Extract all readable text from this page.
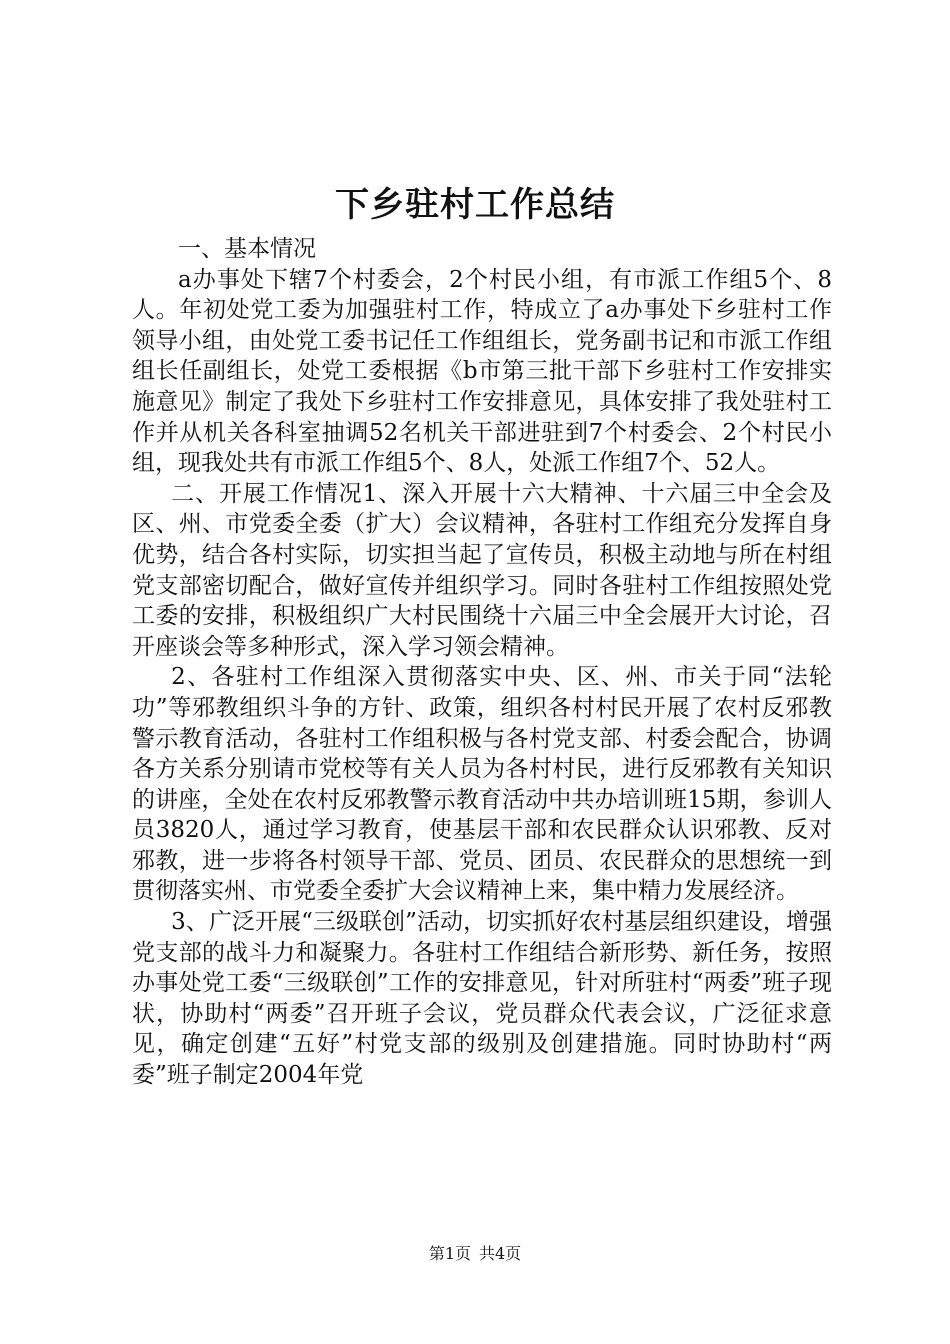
下乡驻村工作总结

一、基本情况

a办事处下辖7个村委会，2个村民小组，有市派工作组5个、8人。年初处党工委为加强驻村工作，特成立了a办事处下乡驻村工作领导小组，由处党工委书记任工作组组长，党务副书记和市派工作组组长任副组长，处党工委根据《b市第三批干部下乡驻村工作安排实施意见》制定了我处下乡驻村工作安排意见，具体安排了我处驻村工作并从机关各科室抽调52名机关干部进驻到7个村委会、2个村民小组，现我处共有市派工作组5个、8人，处派工作组7个、52人。

二、开展工作情况1、深入开展十六大精神、十六届三中全会及区、州、市党委全委（扩大）会议精神，各驻村工作组充分发挥自身优势，结合各村实际，切实担当起了宣传员，积极主动地与所在村组党支部密切配合，做好宣传并组织学习。同时各驻村工作组按照处党工委的安排，积极组织广大村民围绕十六届三中全会展开大讨论，召开座谈会等多种形式，深入学习领会精神。

2、各驻村工作组深入贯彻落实中央、区、州、市关于同“法轮功”等邪教组织斗争的方针、政策，组织各村村民开展了农村反邪教警示教育活动，各驻村工作组积极与各村党支部、村委会配合，协调各方关系分别请市党校等有关人员为各村村民，进行反邪教有关知识的讲座，全处在农村反邪教警示教育活动中共办培训班15期，参训人员3820人，通过学习教育，使基层干部和农民群众认识邪教、反对邪教，进一步将各村领导干部、党员、团员、农民群众的思想统一到贯彻落实州、市党委全委扩大会议精神上来，集中精力发展经济。

3、广泛开展“三级联创”活动，切实抓好农村基层组织建设，增强党支部的战斗力和凝聚力。各驻村工作组结合新形势、新任务，按照办事处党工委“三级联创”工作的安排意见，针对所驻村“两委”班子现状，协助村“两委”召开班子会议，党员群众代表会议，广泛征求意见，确定创建“五好”村党支部的级别及创建措施。同时协助村“两委”班子制定2004年党

第1页 共4页
